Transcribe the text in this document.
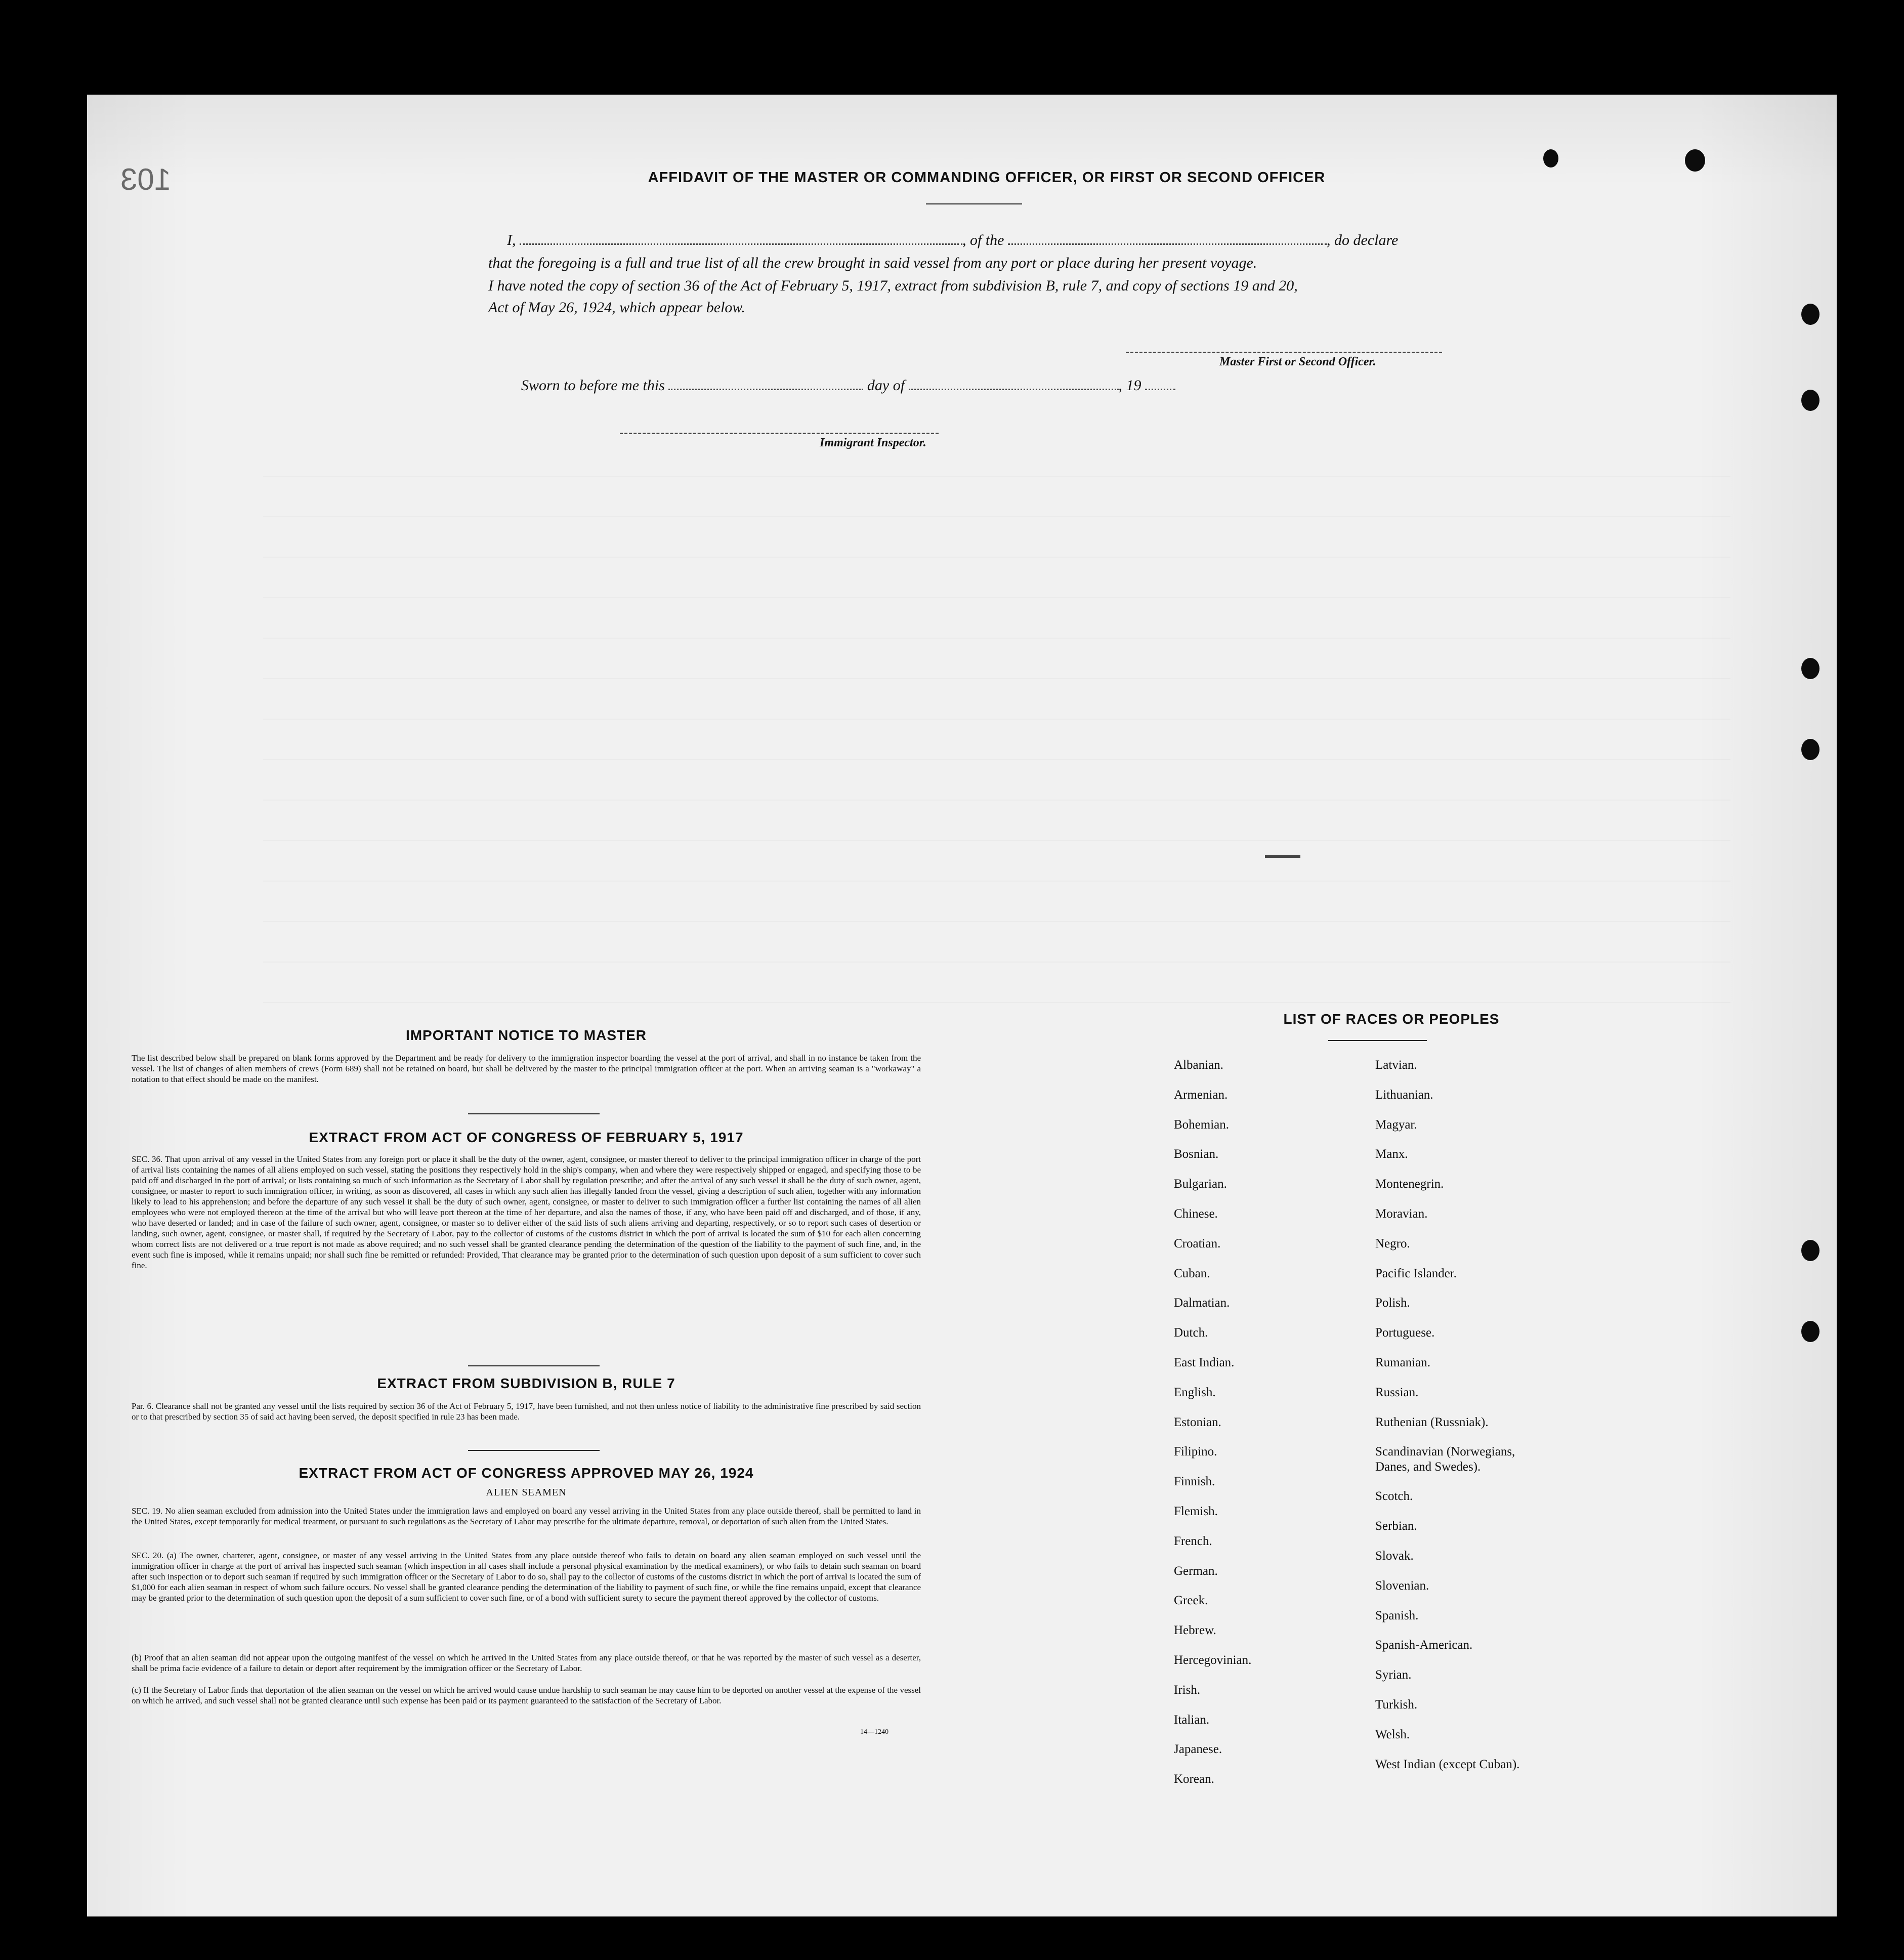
103	AFFIDAVIT OF THE MASTER OR COMMANDING OFFICER, OR FIRST OR SECOND OFFICER
I,	, of the	, do declare
that the foregoing is a full and true list of all the crew brought in said vessel from any port or place during her present voyage.
I have noted the copy of section 36 of the Act of February 5, 1917, extract from subdivision B, rule 7, and copy of sections 19 and 20,
Act of May 26, 1924, which appear below.
Master First or Second Officer.
Sworn to before me this	day of	, 19
Immigrant Inspector.
IMPORTANT NOTICE TO MASTER
The list described below shall be prepared on blank forms approved by the Department and be ready for delivery to the immigration inspector boarding the vessel at the port of arrival, and shall in no instance be taken from the vessel. The list of changes of alien members of crews (Form 689) shall not be retained on board, but shall be delivered by the master to the principal immigration officer at the port. When an arriving seaman is a "workaway" a notation to that effect should be made on the manifest.
EXTRACT FROM ACT OF CONGRESS OF FEBRUARY 5, 1917
SEC. 36. That upon arrival of any vessel in the United States from any foreign port or place it shall be the duty of the owner, agent, consignee, or master thereof to deliver to the principal immigration officer in charge of the port of arrival lists containing the names of all aliens employed on such vessel, stating the positions they respectively hold in the ship's company, when and where they were respectively shipped or engaged, and specifying those to be paid off and discharged in the port of arrival; or lists containing so much of such information as the Secretary of Labor shall by regulation prescribe; and after the arrival of any such vessel it shall be the duty of such owner, agent, consignee, or master to report to such immigration officer, in writing, as soon as discovered, all cases in which any such alien has illegally landed from the vessel, giving a description of such alien, together with any information likely to lead to his apprehension; and before the departure of any such vessel it shall be the duty of such owner, agent, consignee, or master to deliver to such immigration officer a further list containing the names of all alien employees who were not employed thereon at the time of the arrival but who will leave port thereon at the time of her departure, and also the names of those, if any, who have been paid off and discharged, and of those, if any, who have deserted or landed; and in case of the failure of such owner, agent, consignee, or master so to deliver either of the said lists of such aliens arriving and departing, respectively, or so to report such cases of desertion or landing, such owner, agent, consignee, or master shall, if required by the Secretary of Labor, pay to the collector of customs of the customs district in which the port of arrival is located the sum of $10 for each alien concerning whom correct lists are not delivered or a true report is not made as above required; and no such vessel shall be granted clearance pending the determination of the question of the liability to the payment of such fine, and, in the event such fine is imposed, while it remains unpaid; nor shall such fine be remitted or refunded: Provided, That clearance may be granted prior to the determination of such question upon deposit of a sum sufficient to cover such fine.
EXTRACT FROM SUBDIVISION B, RULE 7
Par. 6. Clearance shall not be granted any vessel until the lists required by section 36 of the Act of February 5, 1917, have been furnished, and not then unless notice of liability to the administrative fine prescribed by said section or to that prescribed by section 35 of said act having been served, the deposit specified in rule 23 has been made.
EXTRACT FROM ACT OF CONGRESS APPROVED MAY 26, 1924
ALIEN SEAMEN
SEC. 19. No alien seaman excluded from admission into the United States under the immigration laws and employed on board any vessel arriving in the United States from any place outside thereof, shall be permitted to land in the United States, except temporarily for medical treatment, or pursuant to such regulations as the Secretary of Labor may prescribe for the ultimate departure, removal, or deportation of such alien from the United States.
SEC. 20. (a) The owner, charterer, agent, consignee, or master of any vessel arriving in the United States from any place outside thereof who fails to detain on board any alien seaman employed on such vessel until the immigration officer in charge at the port of arrival has inspected such seaman (which inspection in all cases shall include a personal physical examination by the medical examiners), or who fails to detain such seaman on board after such inspection or to deport such seaman if required by such immigration officer or the Secretary of Labor to do so, shall pay to the collector of customs of the customs district in which the port of arrival is located the sum of $1,000 for each alien seaman in respect of whom such failure occurs. No vessel shall be granted clearance pending the determination of the liability to payment of such fine, or while the fine remains unpaid, except that clearance may be granted prior to the determination of such question upon the deposit of a sum sufficient to cover such fine, or of a bond with sufficient surety to secure the payment thereof approved by the collector of customs.
(b) Proof that an alien seaman did not appear upon the outgoing manifest of the vessel on which he arrived in the United States from any place outside thereof, or that he was reported by the master of such vessel as a deserter, shall be prima facie evidence of a failure to detain or deport after requirement by the immigration officer or the Secretary of Labor.
(c) If the Secretary of Labor finds that deportation of the alien seaman on the vessel on which he arrived would cause undue hardship to such seaman he may cause him to be deported on another vessel at the expense of the vessel on which he arrived, and such vessel shall not be granted clearance until such expense has been paid or its payment guaranteed to the satisfaction of the Secretary of Labor.
14—1240
LIST OF RACES OR PEOPLES
Albanian.
Armenian.
Bohemian.
Bosnian.
Bulgarian.
Chinese.
Croatian.
Cuban.
Dalmatian.
Dutch.
East Indian.
English.
Estonian.
Filipino.
Finnish.
Flemish.
French.
German.
Greek.
Hebrew.
Hercegovinian.
Irish.
Italian.
Japanese.
Korean.
Latvian.
Lithuanian.
Magyar.
Manx.
Montenegrin.
Moravian.
Negro.
Pacific Islander.
Polish.
Portuguese.
Rumanian.
Russian.
Ruthenian (Russniak).
Scandinavian (Norwegians, Danes, and Swedes).
Scotch.
Serbian.
Slovak.
Slovenian.
Spanish.
Spanish-American.
Syrian.
Turkish.
Welsh.
West Indian (except Cuban).
